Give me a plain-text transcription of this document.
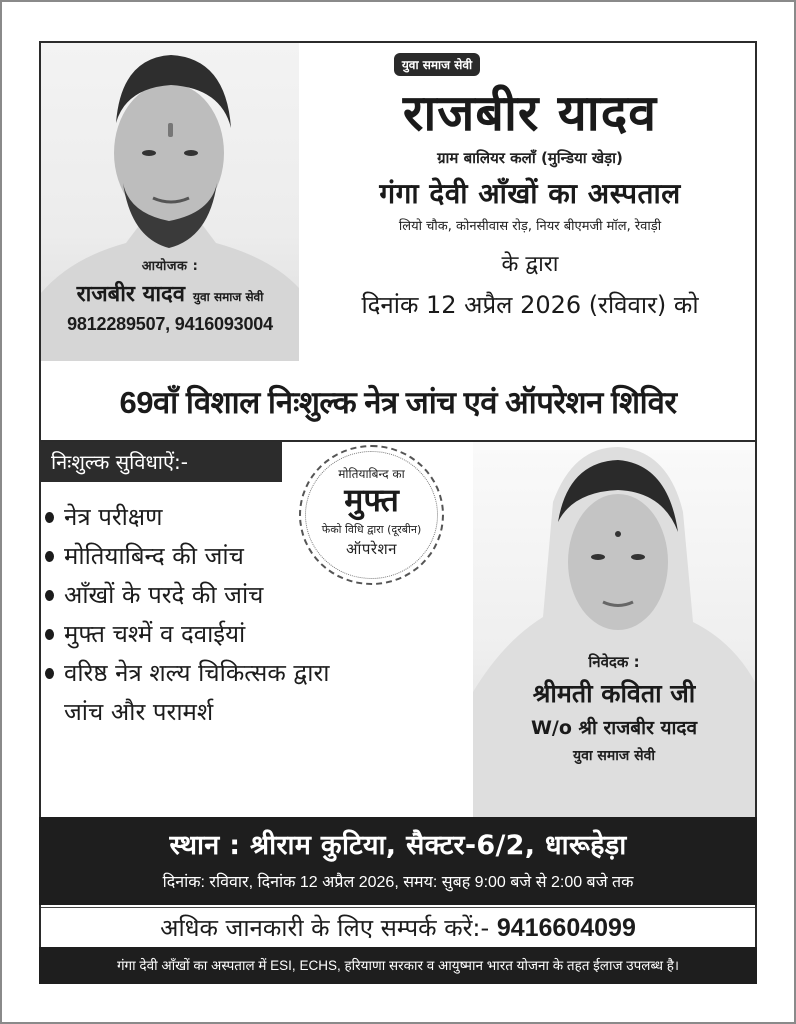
आयोजक :
राजबीर यादव युवा समाज सेवी
9812289507, 9416093004
युवा समाज सेवी
राजबीर यादव
ग्राम बालियर कलाँ (मुन्डिया खेड़ा)
गंगा देवी आँखों का अस्पताल
लियो चौक, कोनसीवास रोड़, नियर बीएमजी मॉल, रेवाड़ी
के द्वारा
दिनांक 12 अप्रैल 2026 (रविवार) को
69वाँ विशाल निःशुल्क नेत्र जांच एवं ऑपरेशन शिविर
निःशुल्क सुविधाऐं:-
नेत्र परीक्षण
मोतियाबिन्द की जांच
आँखों के परदे की जांच
मुफ्त चश्में व दवाईयां
वरिष्ठ नेत्र शल्य चिकित्सक द्वारा
जांच और परामर्श
मोतियाबिन्द का
मुफ्त
फेको विधि द्वारा (दूरबीन)
ऑपरेशन
निवेदक :
श्रीमती कविता जी
W/o श्री राजबीर यादव
युवा समाज सेवी
स्थान : श्रीराम कुटिया, सैक्टर-6/2, धारूहेड़ा
दिनांक: रविवार, दिनांक 12 अप्रैल 2026, समय: सुबह 9:00 बजे से 2:00 बजे तक
अधिक जानकारी के लिए सम्पर्क करें:- 9416604099
गंगा देवी आँखों का अस्पताल में ESI, ECHS, हरियाणा सरकार व आयुष्मान भारत योजना के तहत ईलाज उपलब्ध है।
